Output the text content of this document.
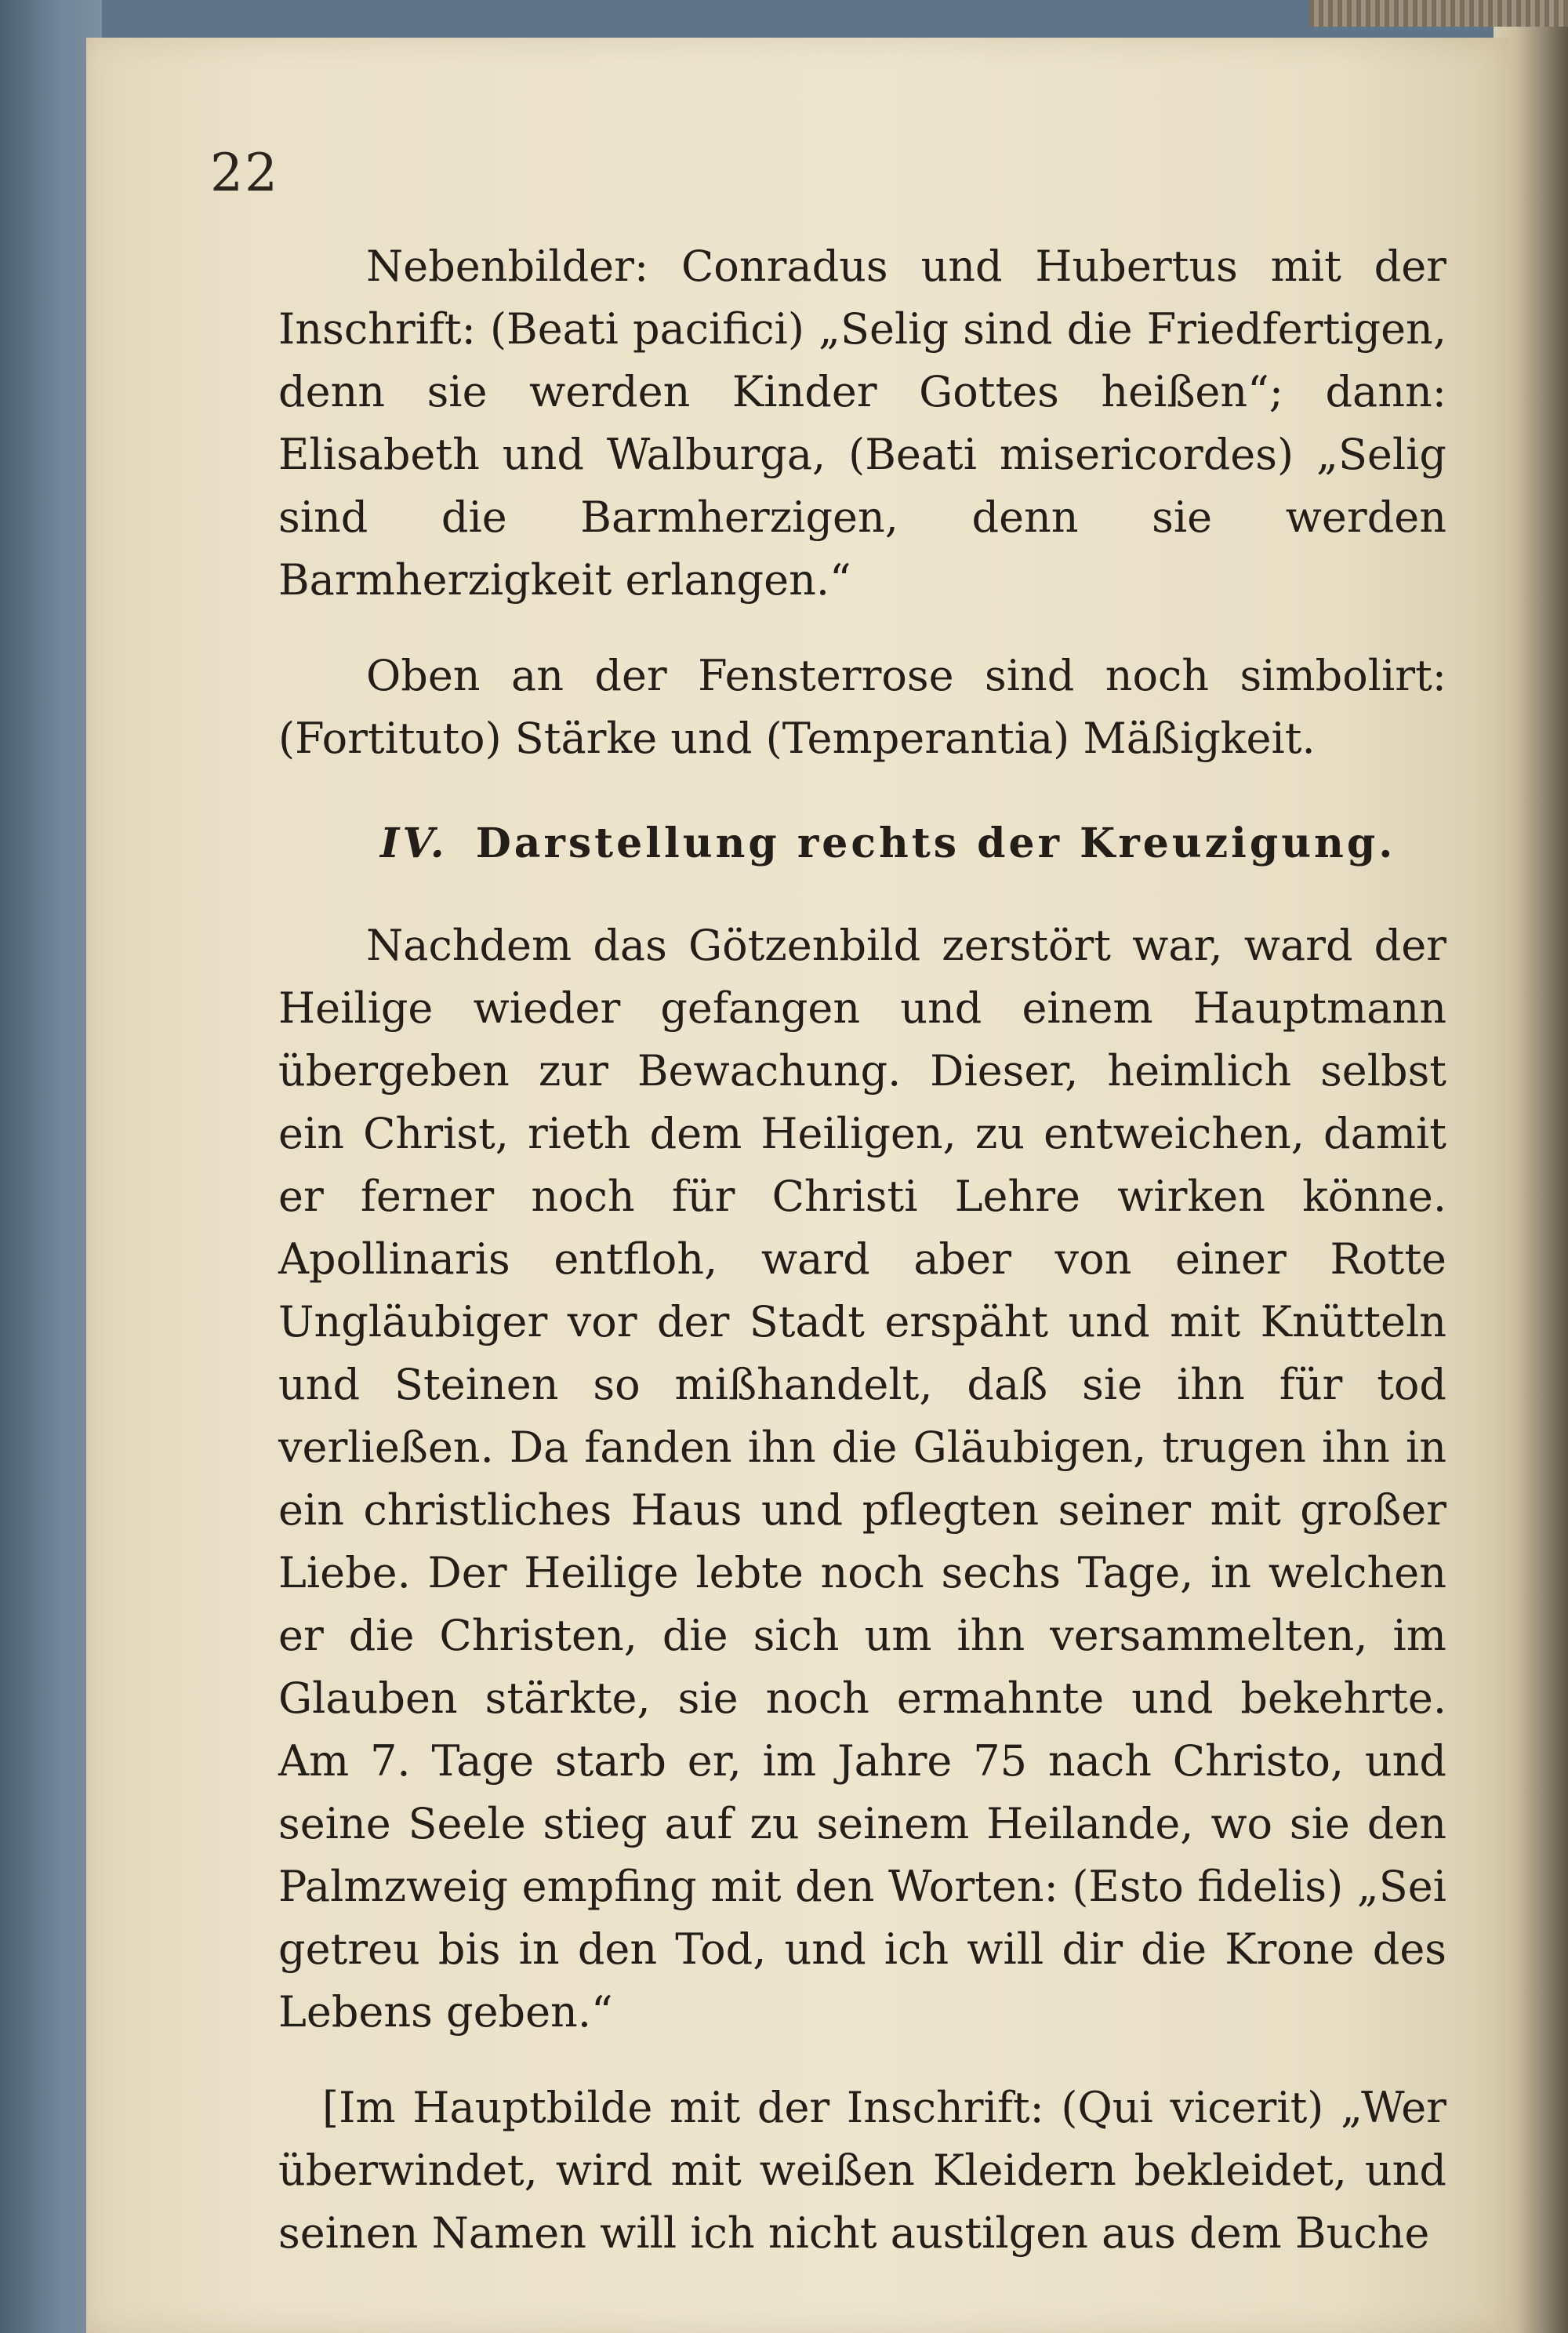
22

Nebenbilder: Conradus und Hubertus mit der Inschrift: (Beati pacifici) „Selig sind die Friedfertigen, denn sie werden Kinder Gottes heißen“; dann: Elisabeth und Walburga, (Beati misericordes) „Selig sind die Barmherzigen, denn sie werden Barmherzigkeit erlangen.“

Oben an der Fensterrose sind noch simbolirt: (Fortituto) Stärke und (Temperantia) Mäßigkeit.

IV. Darstellung rechts der Kreuzigung.

Nachdem das Götzenbild zerstört war, ward der Heilige wieder gefangen und einem Hauptmann übergeben zur Bewachung. Dieser, heimlich selbst ein Christ, rieth dem Heiligen, zu entweichen, damit er ferner noch für Christi Lehre wirken könne. Apollinaris entfloh, ward aber von einer Rotte Ungläubiger vor der Stadt erspäht und mit Knütteln und Steinen so mißhandelt, daß sie ihn für tod verließen. Da fanden ihn die Gläubigen, trugen ihn in ein christliches Haus und pflegten seiner mit großer Liebe. Der Heilige lebte noch sechs Tage, in welchen er die Christen, die sich um ihn versammelten, im Glauben stärkte, sie noch ermahnte und bekehrte. Am 7. Tage starb er, im Jahre 75 nach Christo, und seine Seele stieg auf zu seinem Heilande, wo sie den Palmzweig empfing mit den Worten: (Esto fidelis) „Sei getreu bis in den Tod, und ich will dir die Krone des Lebens geben.“

[Im Hauptbilde mit der Inschrift: (Qui vicerit) „Wer überwindet, wird mit weißen Kleidern bekleidet, und seinen Namen will ich nicht austilgen aus dem Buche
